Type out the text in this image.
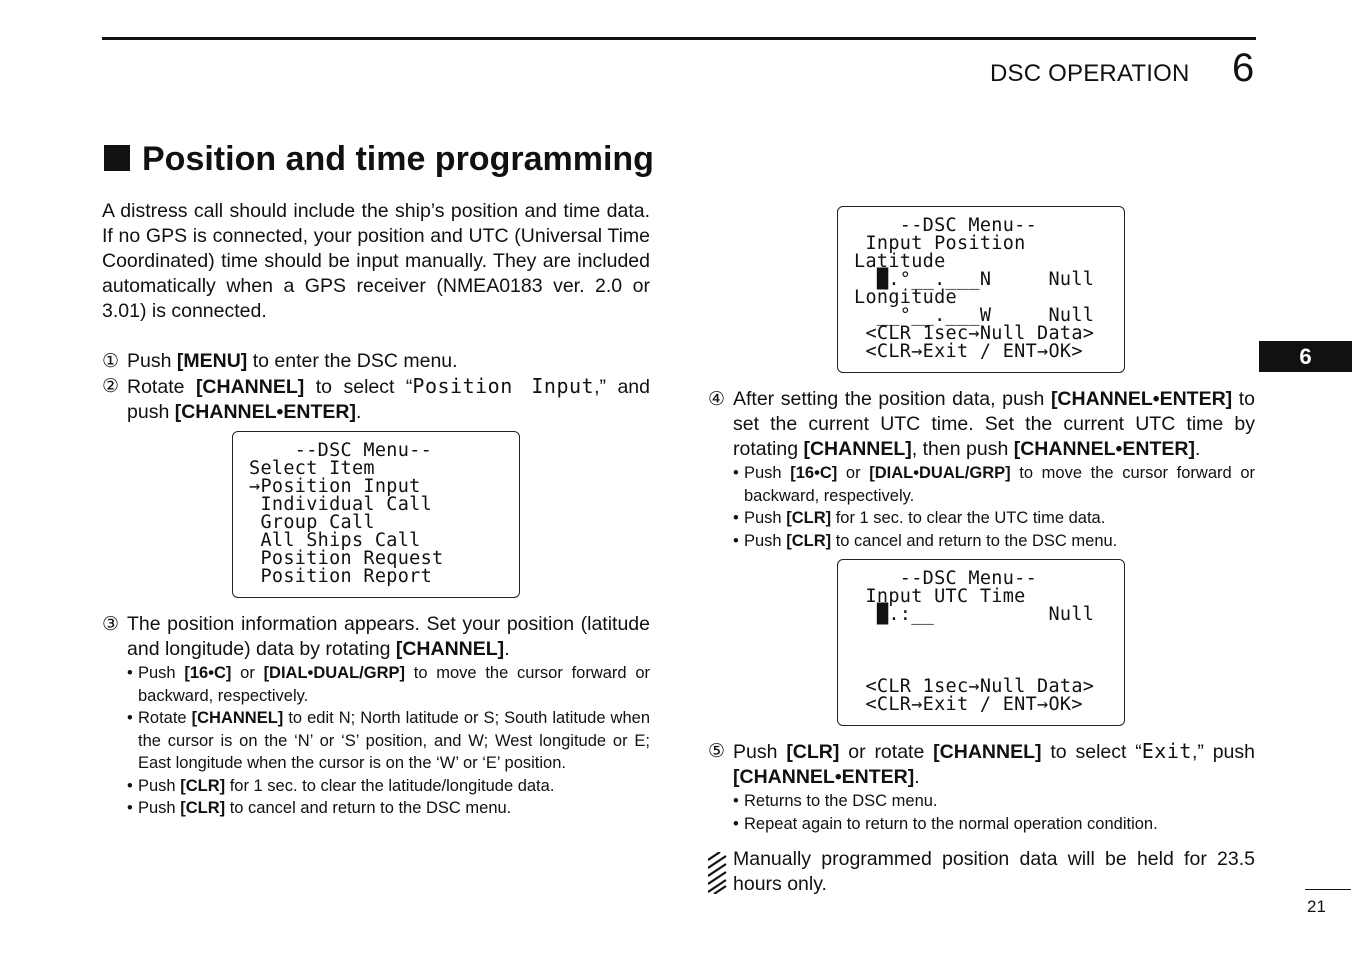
DSC OPERATION 6
Position and time programming

A distress call should include the ship’s position and time data. If no GPS is connected, your position and UTC (Universal Time Coordinated) time should be input manually. They are included automatically when a GPS receiver (NMEA0183 ver. 2.0 or 3.01) is connected.

① Push [MENU] to enter the DSC menu.

② Rotate [CHANNEL] to select “Position Input,” and push [CHANNEL•ENTER].

--DSC Menu--
Select Item
→Position Input
Individual Call
Group Call
All Ships Call
Position Request
Position Report

③ The position information appears. Set your position (latitude and longitude) data by rotating [CHANNEL].

• Push [16•C] or [DIAL•DUAL/GRP] to move the cursor forward or backward, respectively.
• Rotate [CHANNEL] to edit N; North latitude or S; South latitude when the cursor is on the ‘N’ or ‘S’ position, and W; West longitude or E; East longitude when the cursor is on the ‘W’ or ‘E’ position.
• Push [CLR] for 1 sec. to clear the latitude/longitude data.
• Push [CLR] to cancel and return to the DSC menu.
--DSC Menu--
Input Position
Latitude
█.°__.___N     Null
Longitude
__°__.___W     Null
<CLR 1sec→Null Data>
<CLR→Exit / ENT→OK>

④ After setting the position data, push [CHANNEL•ENTER] to set the current UTC time. Set the current UTC time by rotating [CHANNEL], then push [CHANNEL•ENTER].

• Push [16•C] or [DIAL•DUAL/GRP] to move the cursor forward or backward, respectively.
• Push [CLR] for 1 sec. to clear the UTC time data.
• Push [CLR] to cancel and return to the DSC menu.
--DSC Menu--
Input UTC Time
█.:__          Null
<CLR 1sec→Null Data>
<CLR→Exit / ENT→OK>

⑤ Push [CLR] or rotate [CHANNEL] to select “Exit,” push [CHANNEL•ENTER].

• Returns to the DSC menu.
• Repeat again to return to the normal operation condition.

Manually programmed position data will be held for 23.5 hours only.

6
21
